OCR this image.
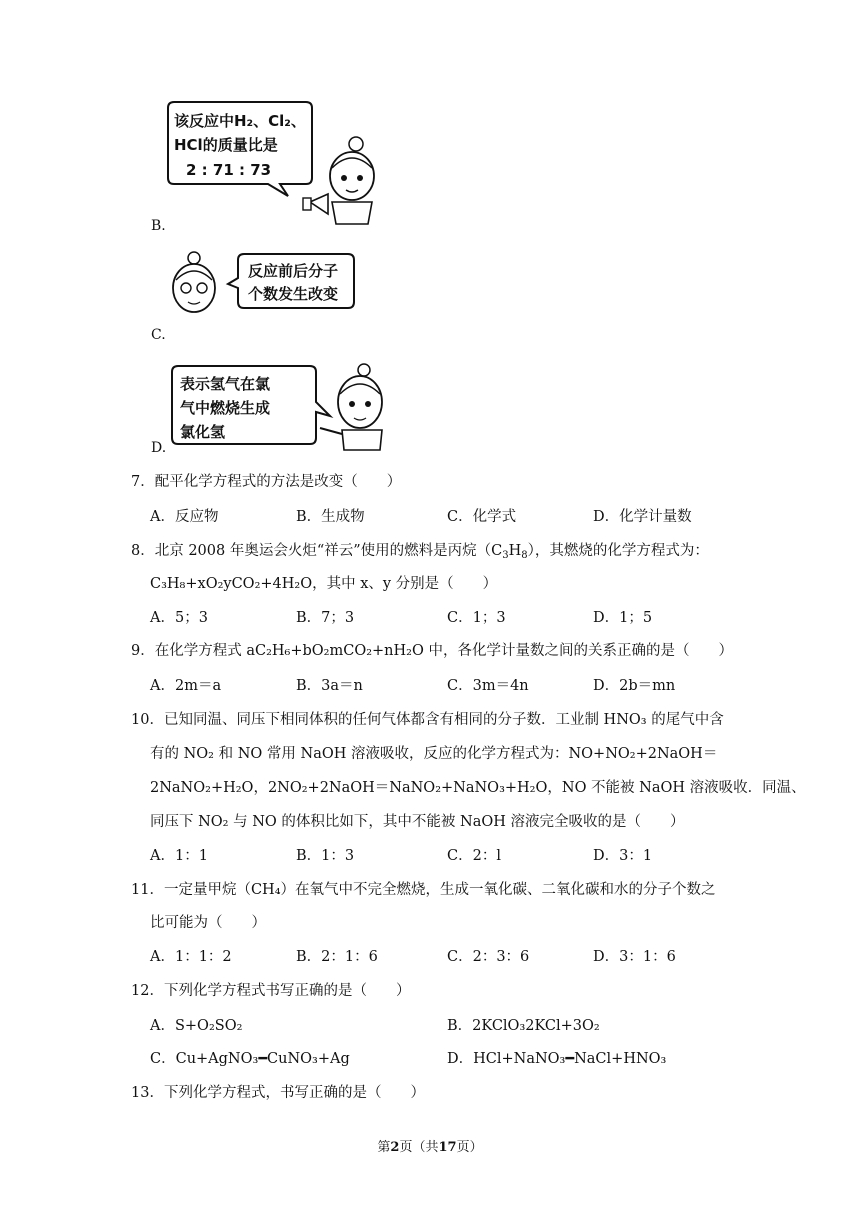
该反应中H₂、Cl₂、
HCl的质量比是
2 : 71 : 73
B.
反应前后分子
个数发生改变
C.
表示氢气在氯
气中燃烧生成
氯化氢
D.
7．配平化学方程式的方法是改变（　　）
A．反应物	B．生成物	C．化学式	D．化学计量数
8．北京 2008 年奥运会火炬“祥云”使用的燃料是丙烷$(C_3H_8)$，其燃烧的化学方程式为：
C₃H₈+xO₂yCO₂+4H₂O，其中 x、y 分别是（　　）
A．5；3	B．7；3	C．1；3	D．1；5
9．在化学方程式 aC₂H₆+bO₂mCO₂+nH₂O 中，各化学计量数之间的关系正确的是（　　）
A．2m＝a	B．3a＝n	C．3m＝4n	D．2b＝mn
10．已知同温、同压下相同体积的任何气体都含有相同的分子数．工业制 HNO₃ 的尾气中含
有的 NO₂ 和 NO 常用 NaOH 溶液吸收，反应的化学方程式为：NO+NO₂+2NaOH＝
2NaNO₂+H₂O，2NO₂+2NaOH＝NaNO₂+NaNO₃+H₂O，NO 不能被 NaOH 溶液吸收．同温、
同压下 NO₂ 与 NO 的体积比如下，其中不能被 NaOH 溶液完全吸收的是（　　）
A．1：1	B．1：3	C．2：l	D．3：1
11．一定量甲烷（CH₄）在氧气中不完全燃烧，生成一氧化碳、二氧化碳和水的分子个数之
比可能为（　　）
A．1：1：2	B．2：1：6	C．2：3：6	D．3：1：6
12．下列化学方程式书写正确的是（　　）
A．S+O₂SO₂	B．2KClO₃2KCl+3O₂
C．Cu+AgNO₃━CuNO₃+Ag	D．HCl+NaNO₃━NaCl+HNO₃
13．下列化学方程式，书写正确的是（　　）
第2页（共17页）
